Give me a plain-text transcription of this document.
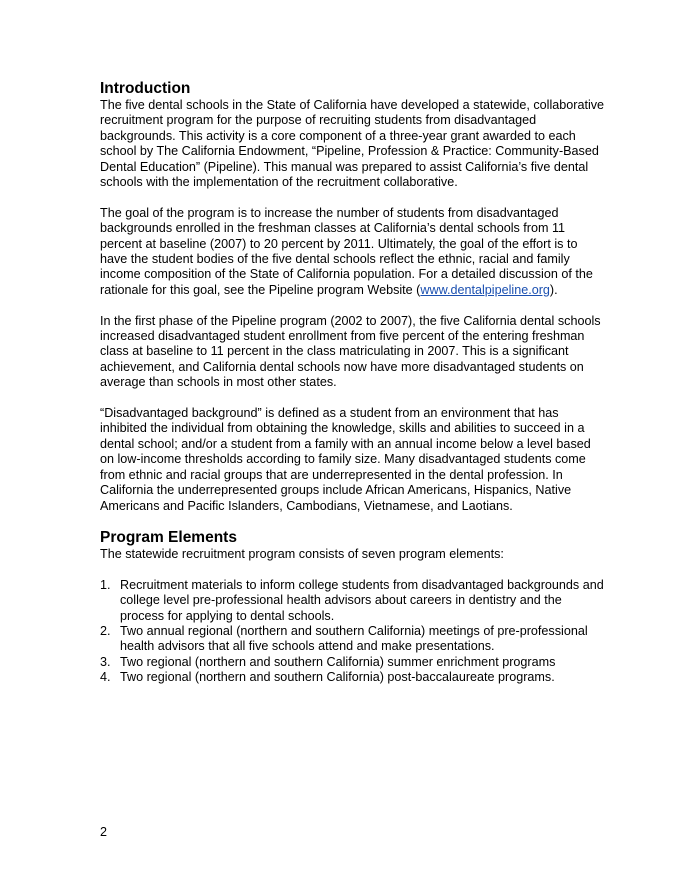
Introduction

The five dental schools in the State of California have developed a statewide, collaborative recruitment program for the purpose of recruiting students from disadvantaged backgrounds. This activity is a core component of a three-year grant awarded to each school by The California Endowment, “Pipeline, Profession & Practice: Community-Based Dental Education” (Pipeline). This manual was prepared to assist California’s five dental schools with the implementation of the recruitment collaborative.

The goal of the program is to increase the number of students from disadvantaged backgrounds enrolled in the freshman classes at California’s dental schools from 11 percent at baseline (2007) to 20 percent by 2011. Ultimately, the goal of the effort is to have the student bodies of the five dental schools reflect the ethnic, racial and family income composition of the State of California population. For a detailed discussion of the rationale for this goal, see the Pipeline program Website (www.dentalpipeline.org).

In the first phase of the Pipeline program (2002 to 2007), the five California dental schools increased disadvantaged student enrollment from five percent of the entering freshman class at baseline to 11 percent in the class matriculating in 2007. This is a significant achievement, and California dental schools now have more disadvantaged students on average than schools in most other states.

“Disadvantaged background” is defined as a student from an environment that has inhibited the individual from obtaining the knowledge, skills and abilities to succeed in a dental school; and/or a student from a family with an annual income below a level based on low-income thresholds according to family size. Many disadvantaged students come from ethnic and racial groups that are underrepresented in the dental profession. In California the underrepresented groups include African Americans, Hispanics, Native Americans and Pacific Islanders, Cambodians, Vietnamese, and Laotians.

Program Elements

The statewide recruitment program consists of seven program elements:

1. Recruitment materials to inform college students from disadvantaged backgrounds and college level pre-professional health advisors about careers in dentistry and the process for applying to dental schools.
2. Two annual regional (northern and southern California) meetings of pre-professional health advisors that all five schools attend and make presentations.
3. Two regional (northern and southern California) summer enrichment programs
4. Two regional (northern and southern California) post-baccalaureate programs.
2
